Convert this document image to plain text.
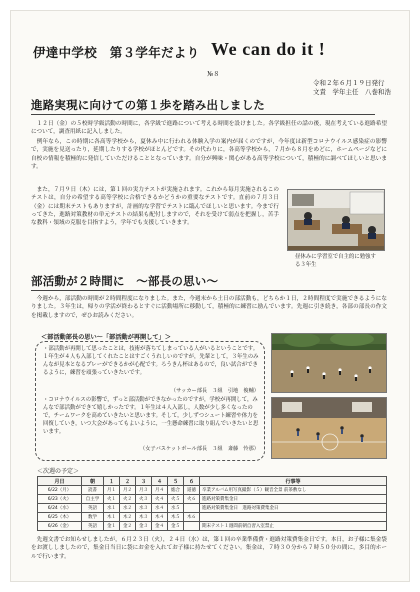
伊達中学校　第３学年だより We can do it !
№８
令和２年６月１９日発行
文責　学年主任　八巻和浩
進路実現に向けての第１歩を踏み出しました
　１２日（金）の５校時学級活動の時間に，各学級で進路について考える時間を設けました。各学級担任の話の後，現在考えている進路希望について，調査用紙に記入しました。
　例年なら，この時期に各高等学校から，夏休み中に行われる体験入学の案内が届くのですが，今年度は新型コロナウイルス感染症の影響で，実施を見送ったり，延期したりする学校がほとんどです。その代わりに，各高等学校から，７月から８月をめどに，ホームページなどに自校の情報を積極的に発信していただけることとなっています。自分が興味・関心がある高等学校について，積極的に調べてほしいと思います。
　また，７月９日（木）には，第１回の実力テストが実施されます。これから毎月実施されるこのテストは，自分の希望する高等学校に合格できるかどうかの重要なテストです。直前の７月３日（金）には期末テストもありますが，計画的な学習でテストに臨んでほしいと思います。今まで行ってきた，進路対策教材の単元テストの結果も配付しますので，それを受けて弱点を把握し，苦手な教科・領域の克服を目指すよう，学年でも支援していきます。
昼休みに学習室で自主的に勉強する３年生
部活動が２時間に　～部長の思い～
　今週から，部活動の時間が２時間程度になりました。また，今週末から土日の部活動も，どちらか１日，２時間程度で実施できるようになりました。３年生は，帰りの学活が終わるとすぐに活動場所に移動して，積極的に練習に励んでいます。先週に引き続き，各部の部長の作文を掲載しますので，ぜひお読みください。
＜部活動部長の思い～「部活動が再開して」＞
・部活動が再開して思ったことは，技術が落ちてしまっている人がいるということです。１年生が４人も入部してくれたことはすごくうれしいのですが，先輩として，３年生のみんなが見本となるプレーができるかが心配です。ろうきん杯はあるので，良い試合ができるように，練習を頑張っていきたいです。
（サッカー部長　３組　引地　俊輔）
・コロナウイルスの影響で，ずっと部活動ができなかったのですが，学校が再開して，みんなで部活動ができて嬉しかったです。１年生は４人入部し，人数が少し多くなったので，チームワークを高めていきたいと思います。そして，少しずつシュート練習や体力を回復していき，いつ大会があってもよいように，一生懸命練習に取り組んでいきたいと思います。
（女子バスケットボール部長　３組　斎藤　怜那）
＜次週の予定＞
月日	朝	１	２	３	４	５	６	行事等
6/22（月）	読書	月１	月２	月３	月４	総合	道徳	卒業アルバム用写真撮影（５）観音全景 前茶敷なし
6/23（火）	自主学	火１	火２	火３	火４	火５	火６	進路対策費集金日
6/24（水）	英語	水１	水２	水３	水４	水５		進路対策費集金日　進路対策費集金日
6/25（木）	数学	木１	木２	木３	木４	木５	木６	
6/26（金）	英語	金１	金２	金３	金４	金５		期末テスト１週間前朝自習入室禁止
　先週文書でお知らせしましたが，６月２３日（火），２４日（水）は，第１回の卒業準備費・進路対策費集金日です。本日，お子様に集金袋をお渡ししましたので，集金日当日に袋にお金を入れてお子様に持たせてください。集金は，７時３０分から７時５０分の間に，多目的ホールで行います。
